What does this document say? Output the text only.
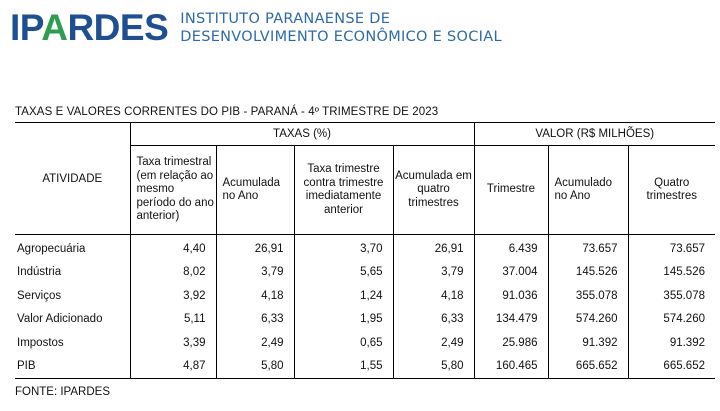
IPARDES INSTITUTO PARANAENSE DE
DESENVOLVIMENTO ECONÔMICO E SOCIAL
TAXAS E VALORES CORRENTES DO PIB - PARANÁ - 4º TRIMESTRE DE 2023
ATIVIDADE	TAXAS (%)				VALOR (R$ MILHÕES)		
	Taxa trimestral (em relação ao mesmo período do ano anterior)	Acumulada no Ano	Taxa trimestre contra trimestre imediatamente anterior	Acumulada em quatro trimestres	Trimestre	Acumulado no Ano	Quatro trimestres
Agropecuária	4,40	26,91	3,70	26,91	6.439	73.657	73.657
Indústria	8,02	3,79	5,65	3,79	37.004	145.526	145.526
Serviços	3,92	4,18	1,24	4,18	91.036	355.078	355.078
Valor Adicionado	5,11	6,33	1,95	6,33	134.479	574.260	574.260
Impostos	3,39	2,49	0,65	2,49	25.986	91.392	91.392
PIB	4,87	5,80	1,55	5,80	160.465	665.652	665.652
FONTE: IPARDES
